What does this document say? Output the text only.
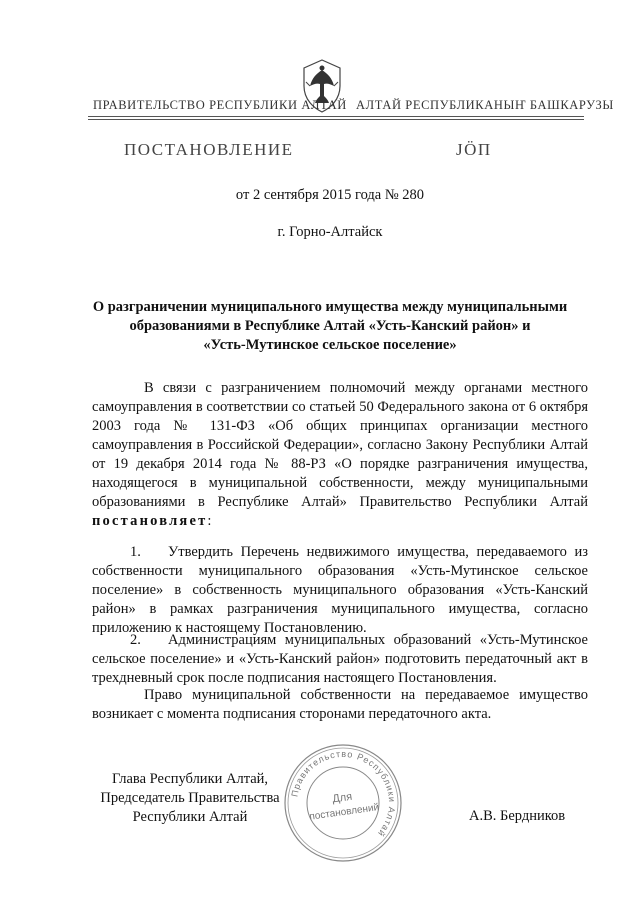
ПРАВИТЕЛЬСТВО РЕСПУБЛИКИ АЛТАЙ АЛТАЙ РЕСПУБЛИКАНЫҤ БАШКАРУЗЫ
ПОСТАНОВЛЕНИЕ	JӦП
от 2 сентября 2015 года № 280
г. Горно-Алтайск
О разграничении муниципального имущества между муниципальными
образованиями в Республике Алтай «Усть-Канский район» и
«Усть-Мутинское сельское поселение»
В связи с разграничением полномочий между органами местного самоуправления в соответствии со статьей 50 Федерального закона от 6 октября 2003 года № 131-ФЗ «Об общих принципах организации местного самоуправления в Российской Федерации», согласно Закону Республики Алтай от 19 декабря 2014 года № 88-РЗ «О порядке разграничения имущества, находящегося в муниципальной собственности, между муниципальными образованиями в Республике Алтай» Правительство Республики Алтай постановляет:
1. Утвердить Перечень недвижимого имущества, передаваемого из собственности муниципального образования «Усть-Мутинское сельское поселение» в собственность муниципального образования «Усть-Канский район» в рамках разграничения муниципального имущества, согласно приложению к настоящему Постановлению.
2. Администрациям муниципальных образований «Усть-Мутинское сельское поселение» и «Усть-Канский район» подготовить передаточный акт в трехдневный срок после подписания настоящего Постановления.
Право муниципальной собственности на передаваемое имущество возникает с момента подписания сторонами передаточного акта.
Глава Республики Алтай,
Председатель Правительства
Республики Алтай
Правительство Республики Алтай
Для
постановлений	А.В. Бердников
